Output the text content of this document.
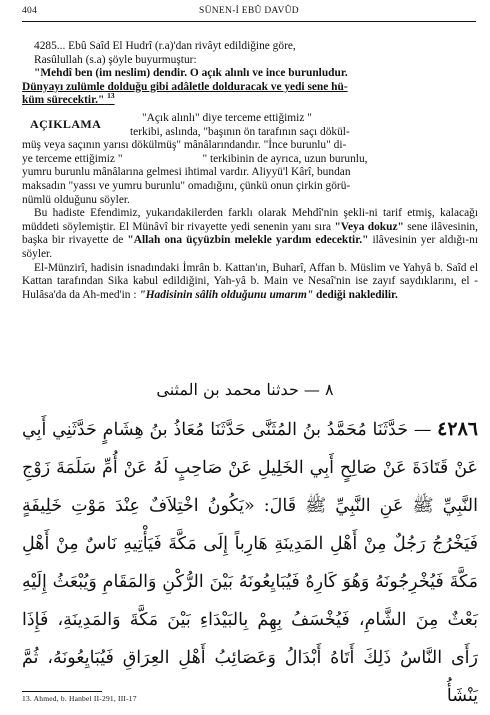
404	SÜNEN-İ EBÛ DAVÛD

4285... Ebû Saîd El Hudrî (r.a)'dan rivâyt edildiğine göre,

Rasûlullah (s.a) şöyle buyurmuştur:

"Mehdî ben (im neslim) dendir. O açık alınlı ve ince burunludur.

Dünyayı zulümle dolduğu gibi adâletle dolduracak ve yedi sene hü-

küm sürecektir." $^{13}$

AÇIKLAMA	"Açık alınlı" diye terceme ettiğimiz "

terkibi, aslında, "başının ön tarafının saçı dökül-

müş veya saçının yarısı dökülmüş" mânâlarındandır. "İnce burunlu" di-

ye terceme ettiğimiz "	" terkibinin de ayrıca, uzun burunlu,

yumru burunlu mânâlarına gelmesi ihtimal vardır. Aliyyü'l Kârî, bundan

maksadın "yassı ve yumru burunlu" omadığını, çünkü onun çirkin görü-

nümlü olduğunu söyler.

Bu hadiste Efendimiz, yukarıdakilerden farklı olarak Mehdî'nin şekli-ni tarif etmiş, kalacağı müddeti söylemiştir. El Münâvî bir rivayette yedi senenin yanı sıra "Veya dokuz" sene ilâvesinin, başka bir rivayette de "Allah ona üçyüzbin melekle yardım edecektir." ilâvesinin yer aldığı-nı söyler.

El-Münzirî, hadisin isnadındaki İmrân b. Kattan'ın, Buharî, Affan b. Müslim ve Yahyâ b. Saîd el Kattan tarafından Sika kabul edildiğini, Yah-yâ b. Main ve Nesaî'nin ise zayıf saydıklarını, el - Hulâsa'da da Ah-med'in : "Hadisinin sâlih olduğunu umarım" dediği nakledilir.

٨ — حدثنا محمد بن المثنى
٤٢٨٦ — حَدَّثَنَا مُحَمَّدُ بنُ المُثَنَّى حَدَّثَنَا مُعَاذُ بنُ هِشَامٍ حَدَّثَنِي أَبِي عَنْ قَتَادَةَ عَنْ صَالِحٍ أَبِي الخَلِيلِ عَنْ صَاحِبٍ لَهُ عَنْ أُمِّ سَلَمَةَ زَوْجِ النَّبِيِّ ﷺ عَنِ النَّبِيِّ ﷺ قَالَ: «يَكُونُ اخْتِلاَفٌ عِنْدَ مَوْتِ خَلِيفَةٍ فَيَخْرُجُ رَجُلٌ مِنْ أَهْلِ المَدِينَةِ هَارِباً إِلَى مَكَّةَ فَيَأْتِيهِ نَاسٌ مِنْ أَهْلِ مَكَّةَ فَيُخْرِجُونَهُ وَهُوَ كَارِهٌ فَيُبَايِعُونَهُ بَيْنَ الرُّكْنِ وَالمَقَامِ وَيُبْعَثُ إِلَيْهِ بَعْثٌ مِنَ الشَّامِ، فَيُخْسَفُ بِهِمْ بِالبَيْدَاءِ بَيْنَ مَكَّةَ وَالمَدِينَةِ، فَإِذَا رَأَى النَّاسُ ذَلِكَ أَتَاهُ أَبْدَالُ وَعَصَائِبُ أَهْلِ العِرَاقِ فَيُبَايِعُونَهُ، ثُمَّ يَنْشَأُ
13. Ahmed, b. Hanbel II-291, III-17
